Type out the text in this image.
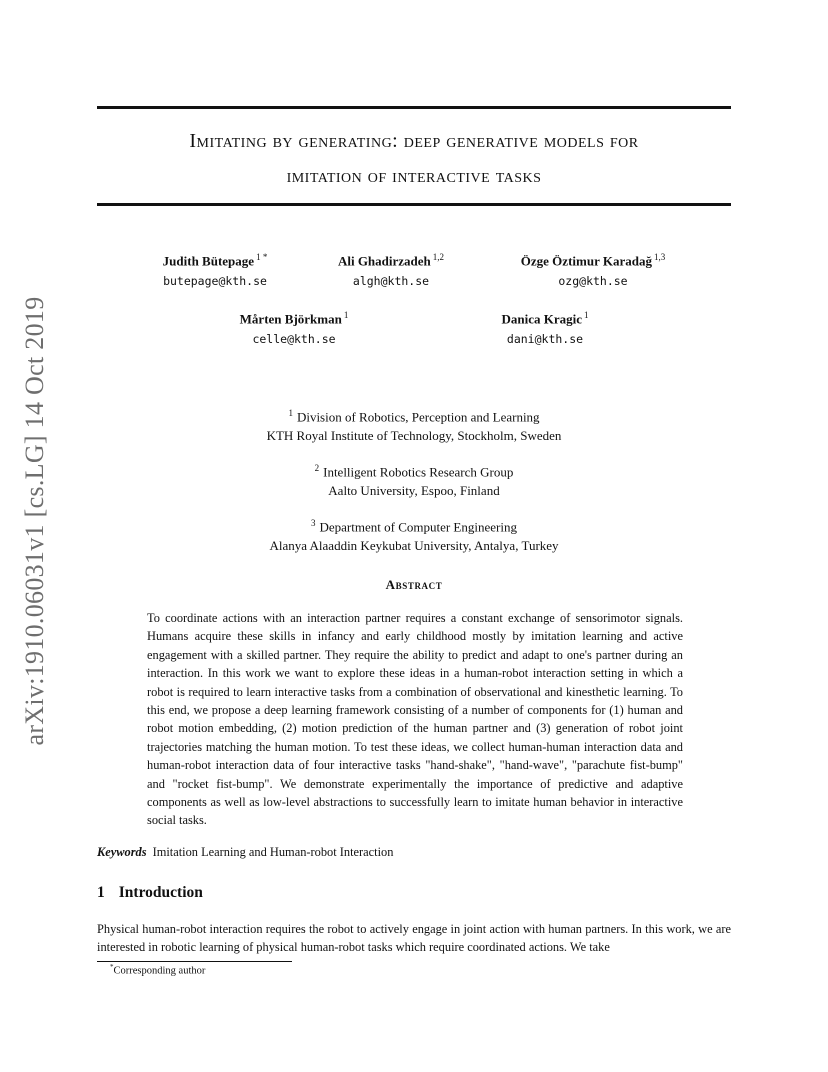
arXiv:1910.06031v1 [cs.LG] 14 Oct 2019
Imitating by generating: deep generative models for
imitation of interactive tasks
Judith Bütepage $^{1 *}$
butepage@kth.se
Ali Ghadirzadeh $^{1,2}$
algh@kth.se
Özge Öztimur Karadağ $^{1,3}$
ozg@kth.se
Mårten Björkman $^1$
celle@kth.se
Danica Kragic $^1$
dani@kth.se
$^1$ Division of Robotics, Perception and Learning
KTH Royal Institute of Technology, Stockholm, Sweden
$^2$ Intelligent Robotics Research Group
Aalto University, Espoo, Finland
$^3$ Department of Computer Engineering
Alanya Alaaddin Keykubat University, Antalya, Turkey
Abstract
To coordinate actions with an interaction partner requires a constant exchange of sensorimotor signals. Humans acquire these skills in infancy and early childhood mostly by imitation learning and active engagement with a skilled partner. They require the ability to predict and adapt to one's partner during an interaction. In this work we want to explore these ideas in a human-robot interaction setting in which a robot is required to learn interactive tasks from a combination of observational and kinesthetic learning. To this end, we propose a deep learning framework consisting of a number of components for (1) human and robot motion embedding, (2) motion prediction of the human partner and (3) generation of robot joint trajectories matching the human motion. To test these ideas, we collect human-human interaction data and human-robot interaction data of four interactive tasks "hand-shake", "hand-wave", "parachute fist-bump" and "rocket fist-bump". We demonstrate experimentally the importance of predictive and adaptive components as well as low-level abstractions to successfully learn to imitate human behavior in interactive social tasks.
Keywords Imitation Learning and Human-robot Interaction
1 Introduction
Physical human-robot interaction requires the robot to actively engage in joint action with human partners. In this work, we are interested in robotic learning of physical human-robot tasks which require coordinated actions. We take
*Corresponding author
